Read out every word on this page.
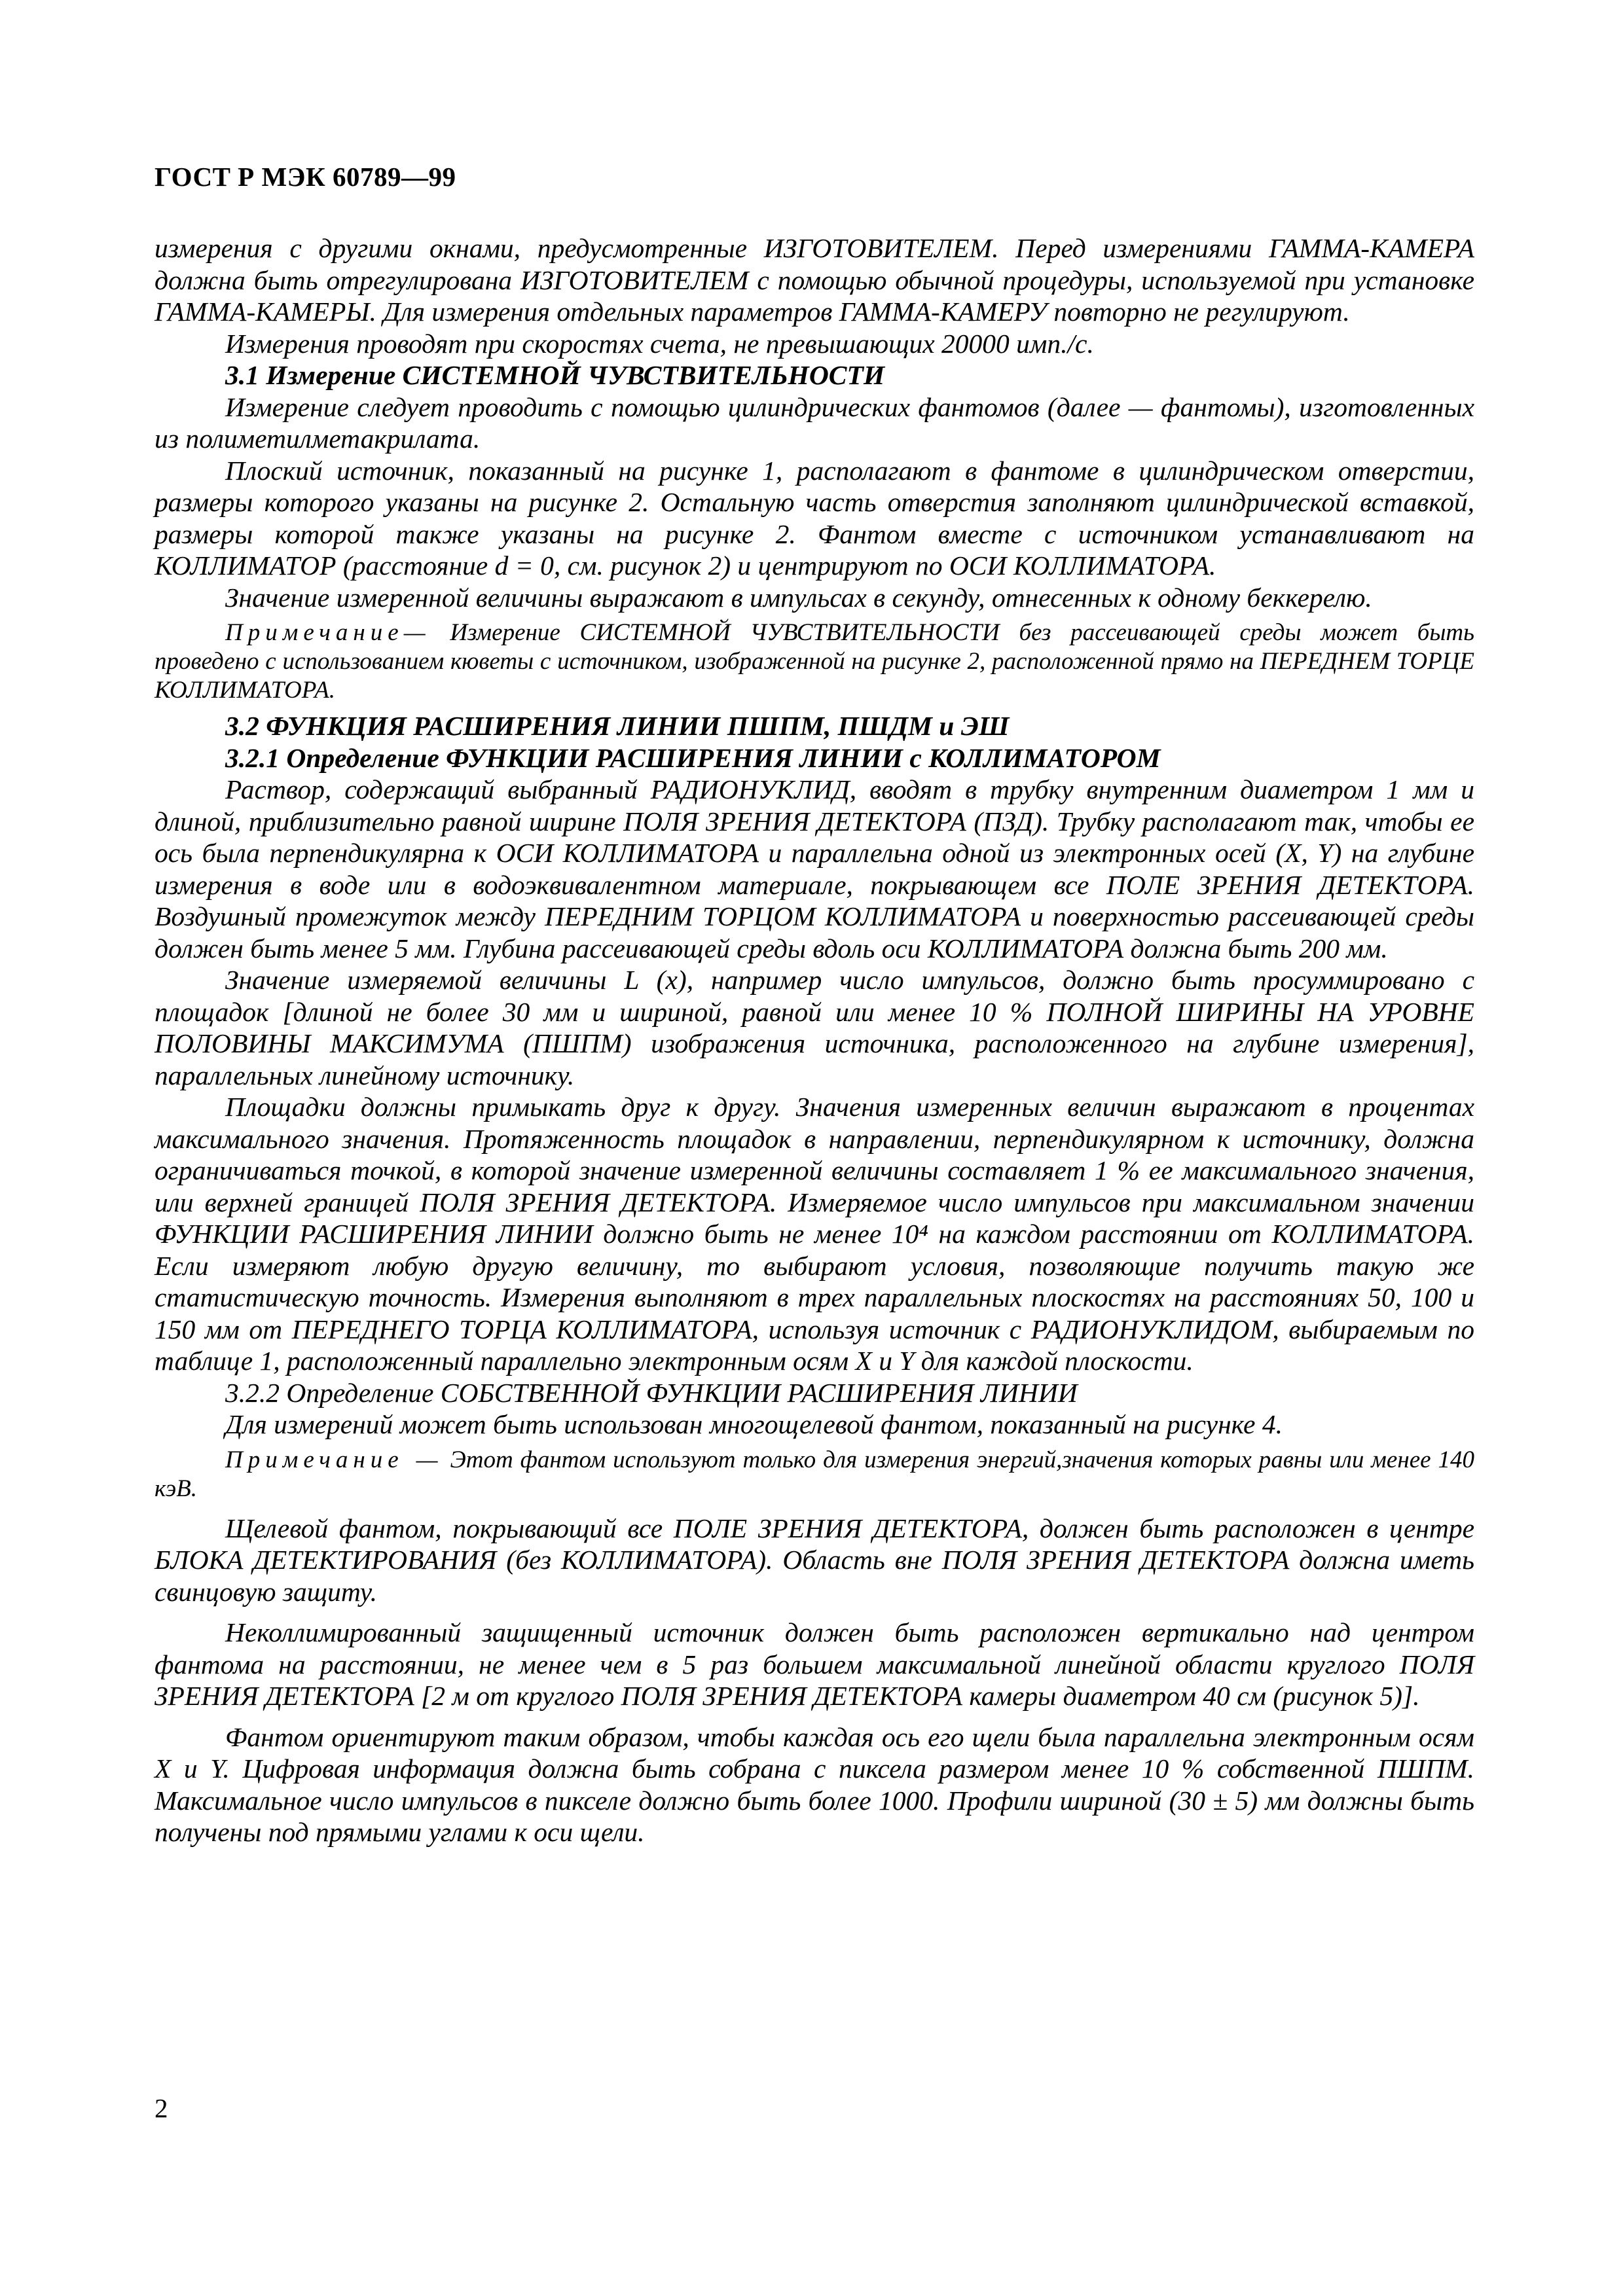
ГОСТ Р МЭК 60789—99

измерения с другими окнами, предусмотренные ИЗГОТОВИТЕЛЕМ. Перед измерениями ГАММА-КАМЕРА должна быть отрегулирована ИЗГОТОВИТЕЛЕМ с помощью обычной процедуры, используемой при установке ГАММА-КАМЕРЫ. Для измерения отдельных параметров ГАММА-КАМЕРУ повторно не регулируют.

Измерения проводят при скоростях счета, не превышающих 20000 имп./с.

3.1 Измерение СИСТЕМНОЙ ЧУВСТВИТЕЛЬНОСТИ

Измерение следует проводить с помощью цилиндрических фантомов (далее — фантомы), изготовленных из полиметилметакрилата.

Плоский источник, показанный на рисунке 1, располагают в фантоме в цилиндрическом отверстии, размеры которого указаны на рисунке 2. Остальную часть отверстия заполняют цилиндрической вставкой, размеры которой также указаны на рисунке 2. Фантом вместе с источником устанавливают на КОЛЛИМАТОР (расстояние d = 0, см. рисунок 2) и центрируют по ОСИ КОЛЛИМАТОРА.

Значение измеренной величины выражают в импульсах в секунду, отнесенных к одному беккерелю.

Примечание— Измерение СИСТЕМНОЙ ЧУВСТВИТЕЛЬНОСТИ без рассеивающей среды может быть проведено с использованием кюветы с источником, изображенной на рисунке 2, расположенной прямо на ПЕРЕДНЕМ ТОРЦЕ КОЛЛИМАТОРА.

3.2 ФУНКЦИЯ РАСШИРЕНИЯ ЛИНИИ ПШПМ, ПШДМ и ЭШ

3.2.1 Определение ФУНКЦИИ РАСШИРЕНИЯ ЛИНИИ с КОЛЛИМАТОРОМ

Раствор, содержащий выбранный РАДИОНУКЛИД, вводят в трубку внутренним диаметром 1 мм и длиной, приблизительно равной ширине ПОЛЯ ЗРЕНИЯ ДЕТЕКТОРА (ПЗД). Трубку располагают так, чтобы ее ось была перпендикулярна к ОСИ КОЛЛИМАТОРА и параллельна одной из электронных осей (X, Y) на глубине измерения в воде или в водоэквивалентном материале, покрывающем все ПОЛЕ ЗРЕНИЯ ДЕТЕКТОРА. Воздушный промежуток между ПЕРЕДНИМ ТОРЦОМ КОЛЛИМАТОРА и поверхностью рассеивающей среды должен быть менее 5 мм. Глубина рассеивающей среды вдоль оси КОЛЛИМАТОРА должна быть 200 мм.

Значение измеряемой величины L (x), например число импульсов, должно быть просуммировано с площадок [длиной не более 30 мм и шириной, равной или менее 10 % ПОЛНОЙ ШИРИНЫ НА УРОВНЕ ПОЛОВИНЫ МАКСИМУМА (ПШПМ) изображения источника, расположенного на глубине измерения], параллельных линейному источнику.

Площадки должны примыкать друг к другу. Значения измеренных величин выражают в процентах максимального значения. Протяженность площадок в направлении, перпендикулярном к источнику, должна ограничиваться точкой, в которой значение измеренной величины составляет 1 % ее максимального значения, или верхней границей ПОЛЯ ЗРЕНИЯ ДЕТЕКТОРА. Измеряемое число импульсов при максимальном значении ФУНКЦИИ РАСШИРЕНИЯ ЛИНИИ должно быть не менее 10⁴ на каждом расстоянии от КОЛЛИМАТОРА. Если измеряют любую другую величину, то выбирают условия, позволяющие получить такую же статистическую точность. Измерения выполняют в трех параллельных плоскостях на расстояниях 50, 100 и 150 мм от ПЕРЕДНЕГО ТОРЦА КОЛЛИМАТОРА, используя источник с РАДИОНУКЛИДОМ, выбираемым по таблице 1, расположенный параллельно электронным осям X и Y для каждой плоскости.

3.2.2 Определение СОБСТВЕННОЙ ФУНКЦИИ РАСШИРЕНИЯ ЛИНИИ

Для измерений может быть использован многощелевой фантом, показанный на рисунке 4.

Примечание — Этот фантом используют только для измерения энергий,значения которых равны или менее 140 кэВ.

Щелевой фантом, покрывающий все ПОЛЕ ЗРЕНИЯ ДЕТЕКТОРА, должен быть расположен в центре БЛОКА ДЕТЕКТИРОВАНИЯ (без КОЛЛИМАТОРА). Область вне ПОЛЯ ЗРЕНИЯ ДЕТЕКТОРА должна иметь свинцовую защиту.

Неколлимированный защищенный источник должен быть расположен вертикально над центром фантома на расстоянии, не менее чем в 5 раз большем максимальной линейной области круглого ПОЛЯ ЗРЕНИЯ ДЕТЕКТОРА [2 м от круглого ПОЛЯ ЗРЕНИЯ ДЕТЕКТОРА камеры диаметром 40 см (рисунок 5)].

Фантом ориентируют таким образом, чтобы каждая ось его щели была параллельна электронным осям X и Y. Цифровая информация должна быть собрана с пиксела размером менее 10 % собственной ПШПМ. Максимальное число импульсов в пикселе должно быть более 1000. Профили шириной (30 ± 5) мм должны быть получены под прямыми углами к оси щели.

2
